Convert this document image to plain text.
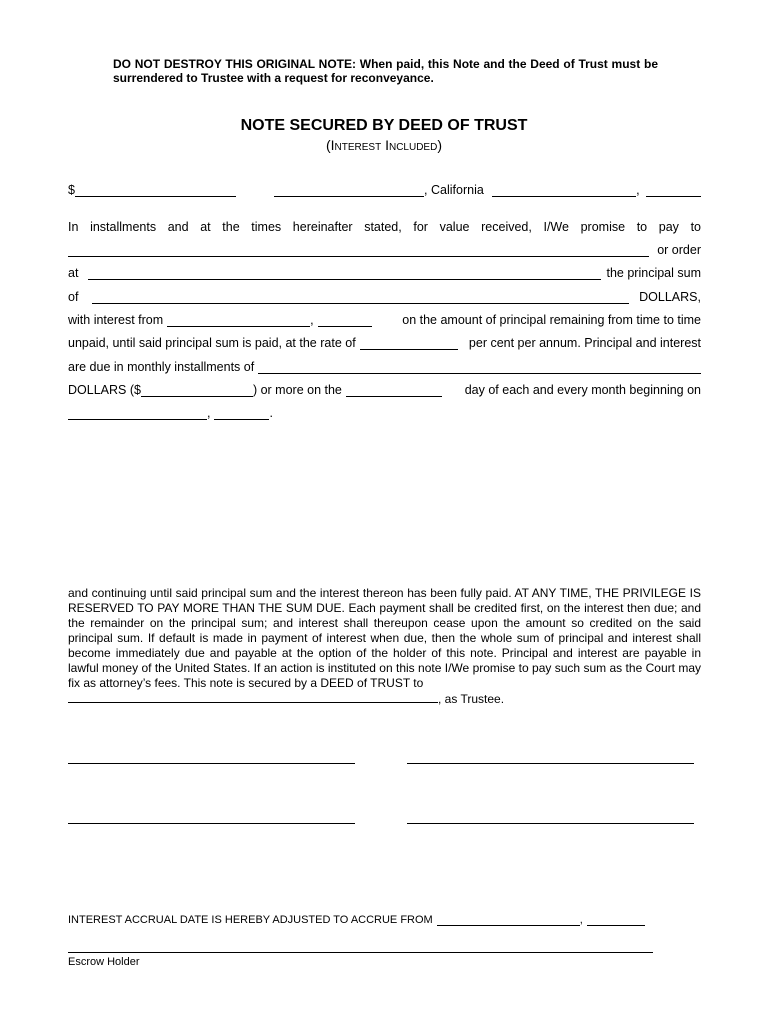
DO NOT DESTROY THIS ORIGINAL NOTE: When paid, this Note and the Deed of Trust must be surrendered to Trustee with a request for reconveyance.
NOTE SECURED BY DEED OF TRUST
(Interest Included)
$	, California	,
In installments and at the times hereinafter stated, for value received, I/We promise to pay to
or order
at	the principal sum
of	DOLLARS,
with interest from	,	on the amount of principal remaining from time to time
unpaid, until said principal sum is paid, at the rate of	per cent per annum. Principal and interest
are due in monthly installments of
DOLLARS ($	) or more on the	day of each and every month beginning on
,	.
and continuing until said principal sum and the interest thereon has been fully paid. AT ANY TIME, THE PRIVILEGE IS RESERVED TO PAY MORE THAN THE SUM DUE. Each payment shall be credited first, on the interest then due; and the remainder on the principal sum; and interest shall thereupon cease upon the amount so credited on the said principal sum. If default is made in payment of interest when due, then the whole sum of principal and interest shall become immediately due and payable at the option of the holder of this note. Principal and interest are payable in lawful money of the United States. If an action is instituted on this note I/We promise to pay such sum as the Court may fix as attorney’s fees. This note is secured by a DEED of TRUST to
, as Trustee.
INTEREST ACCRUAL DATE IS HEREBY ADJUSTED TO ACCRUE FROM	,
Escrow Holder
